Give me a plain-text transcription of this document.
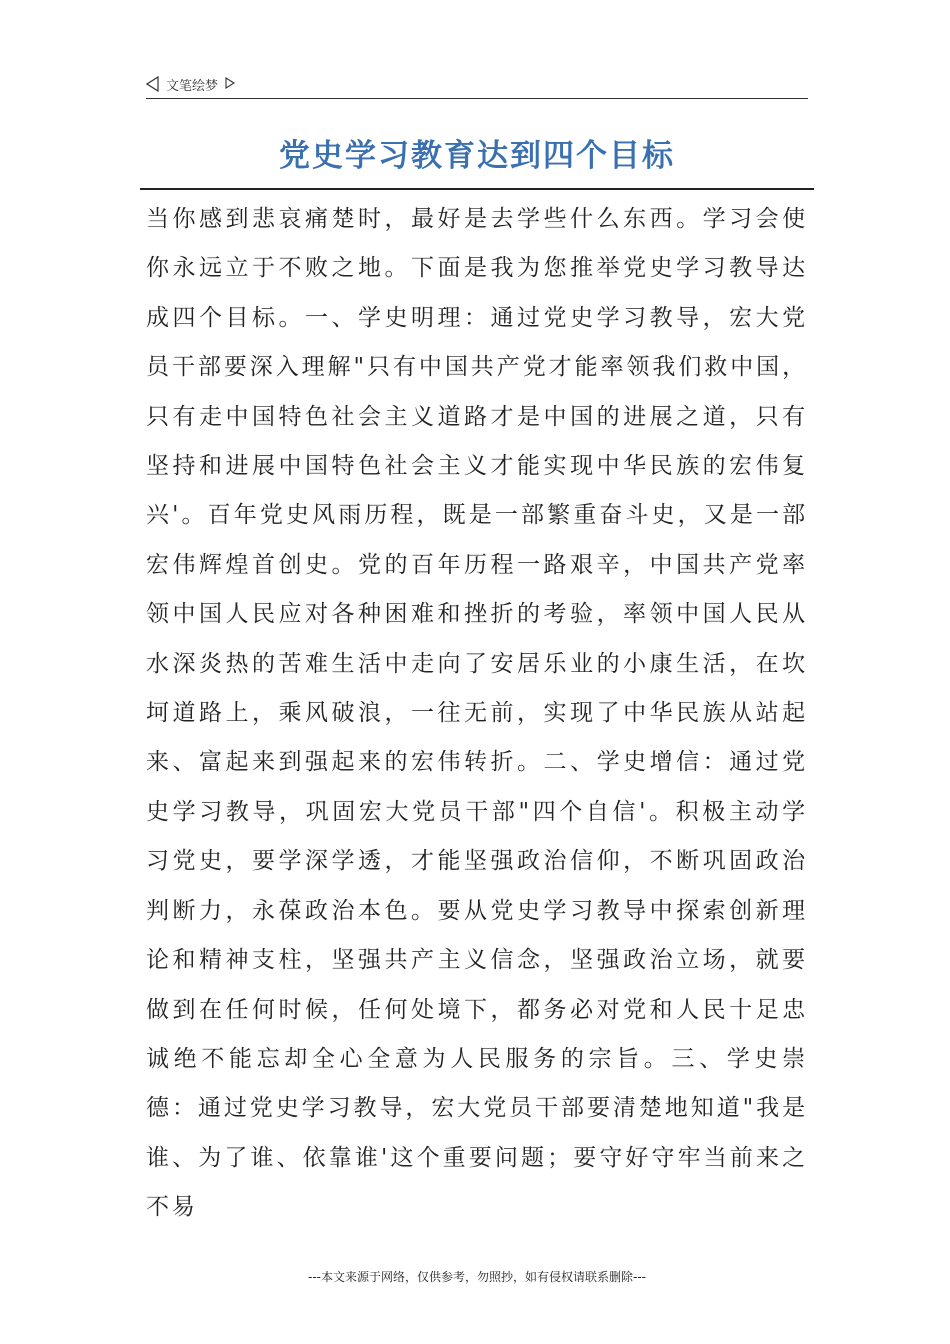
文笔绘梦
党史学习教育达到四个目标
当你感到悲哀痛楚时，最好是去学些什么东西。学习会使你永远立于不败之地。下面是我为您推举党史学习教导达成四个目标。一、学史明理：通过党史学习教导，宏大党员干部要深入理解"只有中国共产党才能率领我们救中国，只有走中国特色社会主义道路才是中国的进展之道，只有坚持和进展中国特色社会主义才能实现中华民族的宏伟复兴'。百年党史风雨历程，既是一部繁重奋斗史，又是一部宏伟辉煌首创史。党的百年历程一路艰辛，中国共产党率领中国人民应对各种困难和挫折的考验，率领中国人民从水深炎热的苦难生活中走向了安居乐业的小康生活，在坎坷道路上，乘风破浪，一往无前，实现了中华民族从站起来、富起来到强起来的宏伟转折。二、学史增信：通过党史学习教导，巩固宏大党员干部"四个自信'。积极主动学习党史，要学深学透，才能坚强政治信仰，不断巩固政治判断力，永葆政治本色。要从党史学习教导中探索创新理论和精神支柱，坚强共产主义信念，坚强政治立场，就要做到在任何时候，任何处境下，都务必对党和人民十足忠诚绝不能忘却全心全意为人民服务的宗旨。三、学史崇德：通过党史学习教导，宏大党员干部要清楚地知道"我是谁、为了谁、依靠谁'这个重要问题；要守好守牢当前来之不易
---本文来源于网络，仅供参考，勿照抄，如有侵权请联系删除---
